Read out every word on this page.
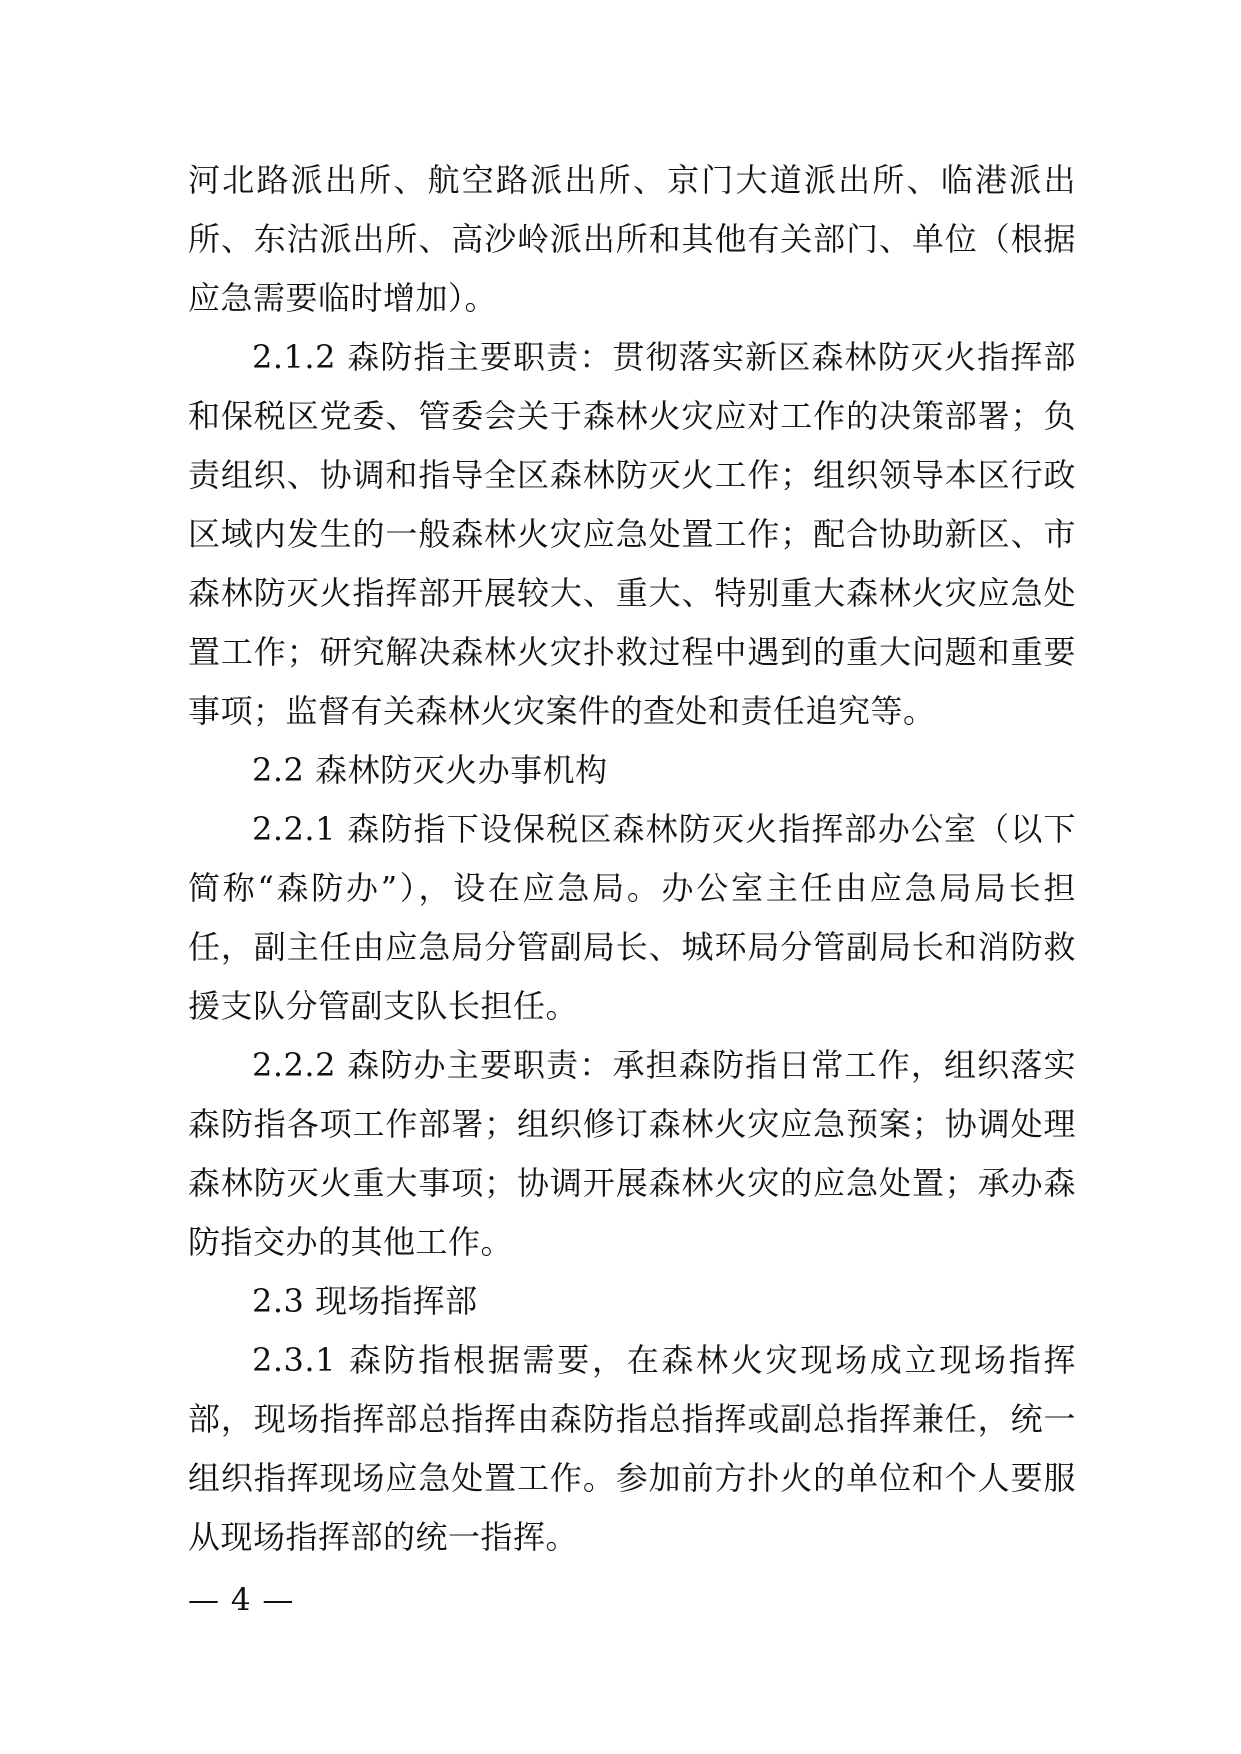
河北路派出所、航空路派出所、京门大道派出所、临港派出所、东沽派出所、高沙岭派出所和其他有关部门、单位（根据应急需要临时增加）。

2.1.2 森防指主要职责：贯彻落实新区森林防灭火指挥部和保税区党委、管委会关于森林火灾应对工作的决策部署；负责组织、协调和指导全区森林防灭火工作；组织领导本区行政区域内发生的一般森林火灾应急处置工作；配合协助新区、市森林防灭火指挥部开展较大、重大、特别重大森林火灾应急处置工作；研究解决森林火灾扑救过程中遇到的重大问题和重要事项；监督有关森林火灾案件的查处和责任追究等。

2.2 森林防灭火办事机构

2.2.1 森防指下设保税区森林防灭火指挥部办公室（以下简称“森防办”），设在应急局。办公室主任由应急局局长担任，副主任由应急局分管副局长、城环局分管副局长和消防救援支队分管副支队长担任。

2.2.2 森防办主要职责：承担森防指日常工作，组织落实森防指各项工作部署；组织修订森林火灾应急预案；协调处理森林防灭火重大事项；协调开展森林火灾的应急处置；承办森防指交办的其他工作。

2.3 现场指挥部

2.3.1 森防指根据需要，在森林火灾现场成立现场指挥部，现场指挥部总指挥由森防指总指挥或副总指挥兼任，统一组织指挥现场应急处置工作。参加前方扑火的单位和个人要服从现场指挥部的统一指挥。

— 4 —
